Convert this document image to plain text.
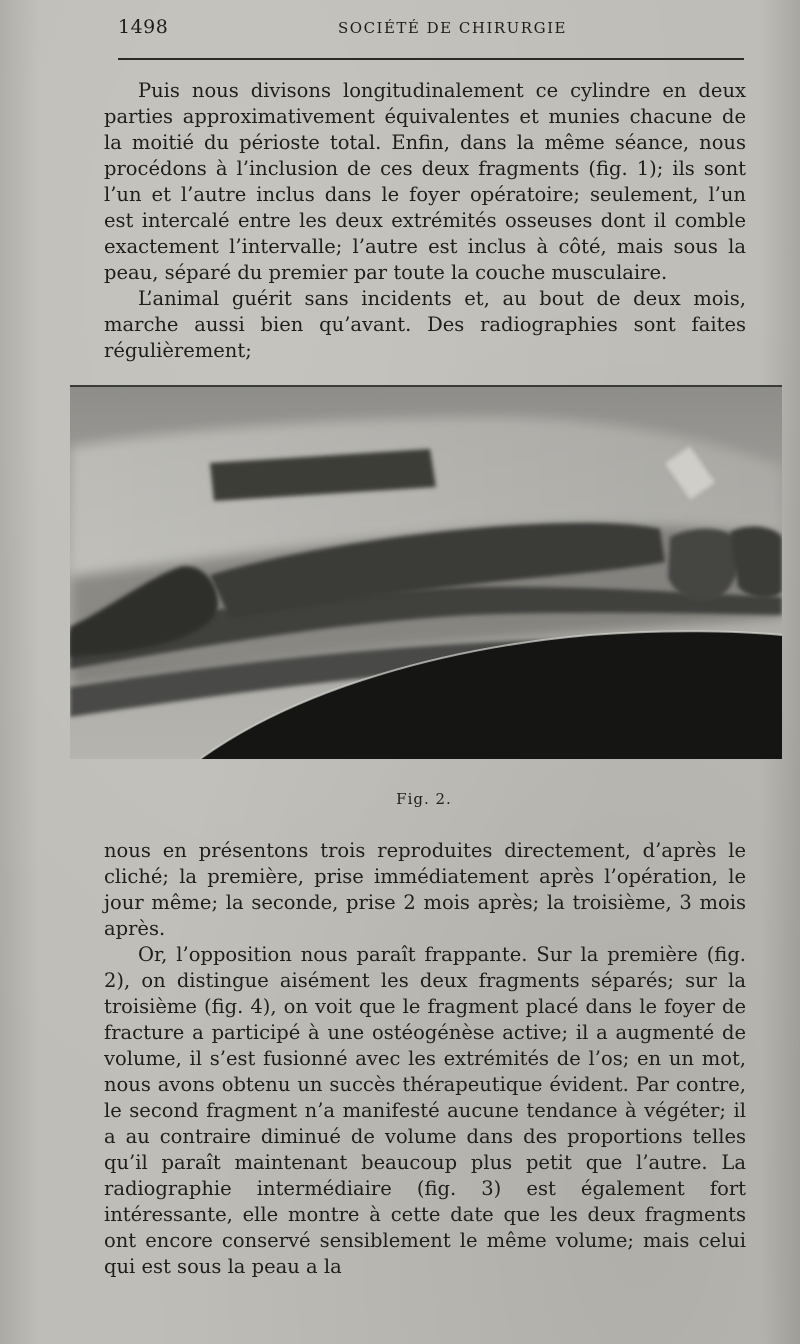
1498	SOCIÉTÉ DE CHIRURGIE

Puis nous divisons longitudinalement ce cylindre en deux parties approximativement équivalentes et munies chacune de la moitié du périoste total. Enfin, dans la même séance, nous procédons à l’inclusion de ces deux fragments (fig. 1); ils sont l’un et l’autre inclus dans le foyer opératoire; seulement, l’un est intercalé entre les deux extrémités osseuses dont il comble exactement l’intervalle; l’autre est inclus à côté, mais sous la peau, séparé du premier par toute la couche musculaire.

L’animal guérit sans incidents et, au bout de deux mois, marche aussi bien qu’avant. Des radiographies sont faites régulièrement;

Fig. 2.

nous en présentons trois reproduites directement, d’après le cliché; la première, prise immédiatement après l’opération, le jour même; la seconde, prise 2 mois après; la troisième, 3 mois après.

Or, l’opposition nous paraît frappante. Sur la première (fig. 2), on distingue aisément les deux fragments séparés; sur la troisième (fig. 4), on voit que le fragment placé dans le foyer de fracture a participé à une ostéogénèse active; il a augmenté de volume, il s’est fusionné avec les extrémités de l’os; en un mot, nous avons obtenu un succès thérapeutique évident. Par contre, le second fragment n’a manifesté aucune tendance à végéter; il a au contraire diminué de volume dans des proportions telles qu’il paraît maintenant beaucoup plus petit que l’autre. La radiographie intermédiaire (fig. 3) est également fort intéressante, elle montre à cette date que les deux fragments ont encore conservé sensiblement le même volume; mais celui qui est sous la peau a la
